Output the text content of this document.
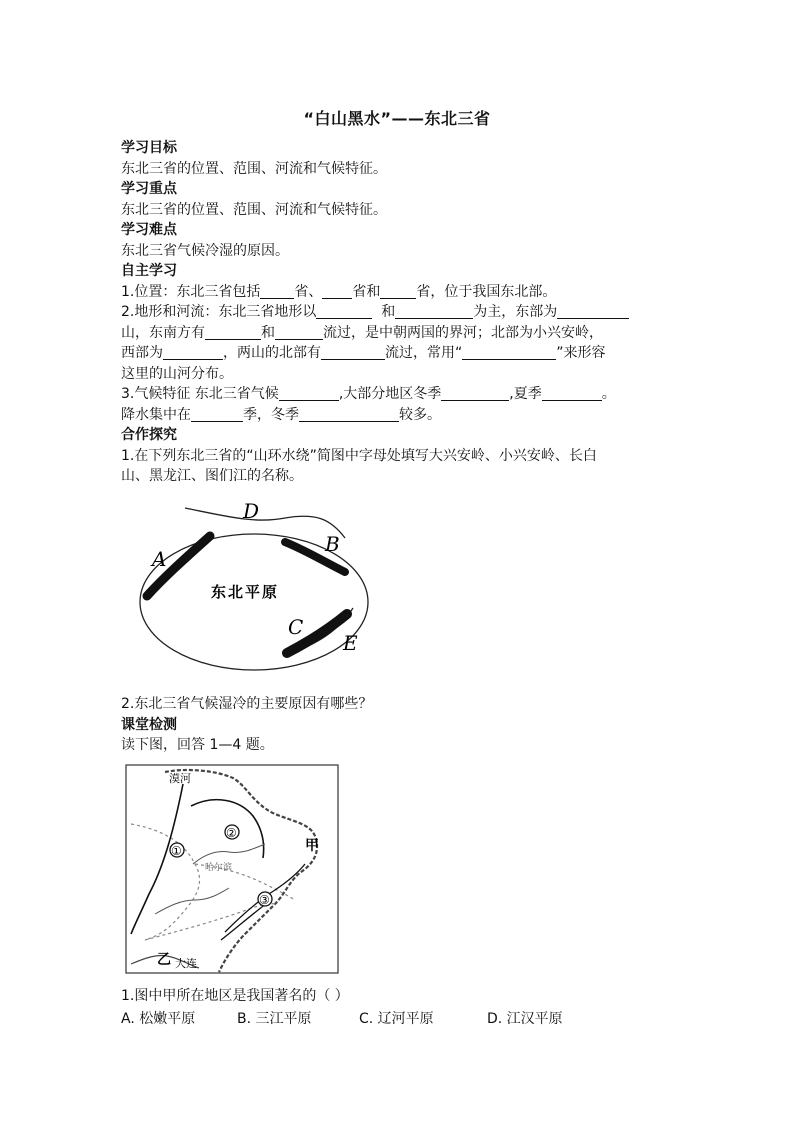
“白山黑水”——东北三省

学习目标

东北三省的位置、范围、河流和气候特征。

学习重点

东北三省的位置、范围、河流和气候特征。

学习难点

东北三省气候冷湿的原因。

自主学习

1.位置：东北三省包括 省、 省和	省，位于我国东北部。

2.地形和河流：东北三省地形以	和	为主，东部为

山，东南方有	和	流过，是中朝两国的界河；北部为小兴安岭，

西部为	，两山的北部有	流过，常用“	”来形容

这里的山河分布。

3.气候特征 东北三省气候	,大部分地区冬季	,夏季	。

降水集中在	季，冬季	较多。

合作探究

1.在下列东北三省的“山环水绕”简图中字母处填写大兴安岭、小兴安岭、长白

山、黑龙江、图们江的名称。

A
B
C
D
E
东北平原

2.东北三省气候湿冷的主要原因有哪些？

课堂检测

读下图，回答 1—4 题。

①
②
③
漠河
哈尔滨
甲
乙 大连

1.图中甲所在地区是我国著名的（ ）

A. 松嫩平原	B. 三江平原	C. 辽河平原	D. 江汉平原
